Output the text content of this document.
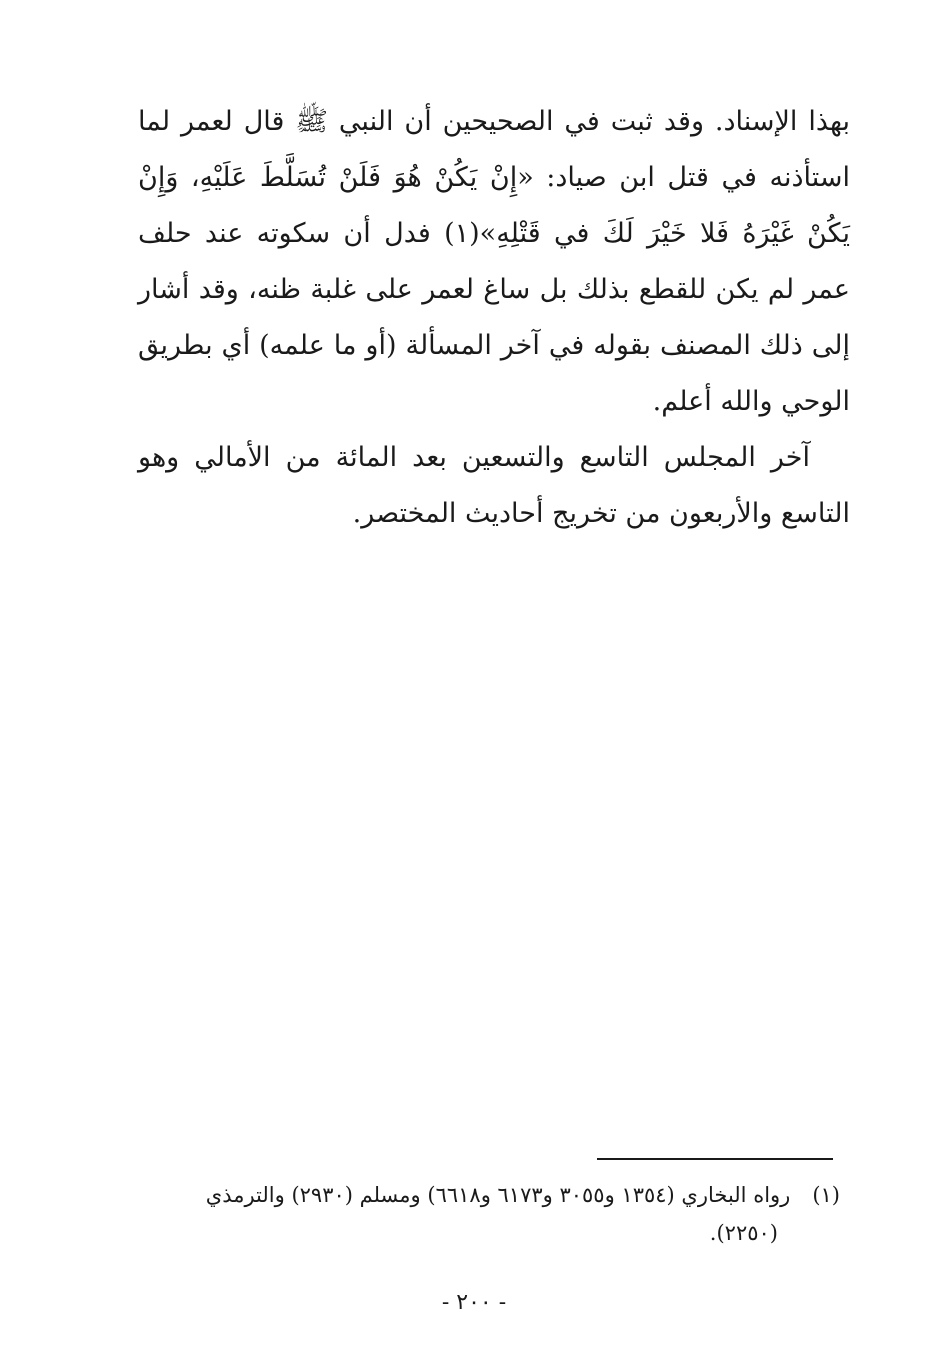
بهذا الإسناد. وقد ثبت في الصحيحين أن النبي ﷺ قال لعمر لما استأذنه في قتل ابن صياد: «إِنْ يَكُنْ هُوَ فَلَنْ تُسَلَّطَ عَلَيْهِ، وَإِنْ يَكُنْ غَيْرَهُ فَلا خَيْرَ لَكَ في قَتْلِهِ»(١) فدل أن سكوته عند حلف عمر لم يكن للقطع بذلك بل ساغ لعمر على غلبة ظنه، وقد أشار إلى ذلك المصنف بقوله في آخر المسألة (أو ما علمه) أي بطريق الوحي والله أعلم.

آخر المجلس التاسع والتسعين بعد المائة من الأمالي وهو التاسع والأربعون من تخريج أحاديث المختصر.

(١)رواه البخاري (١٣٥٤ و٣٠٥٥ و٦١٧٣ و٦٦١٨) ومسلم (٢٩٣٠) والترمذي
(٢٢٥٠).
- ٢٠٠ -
